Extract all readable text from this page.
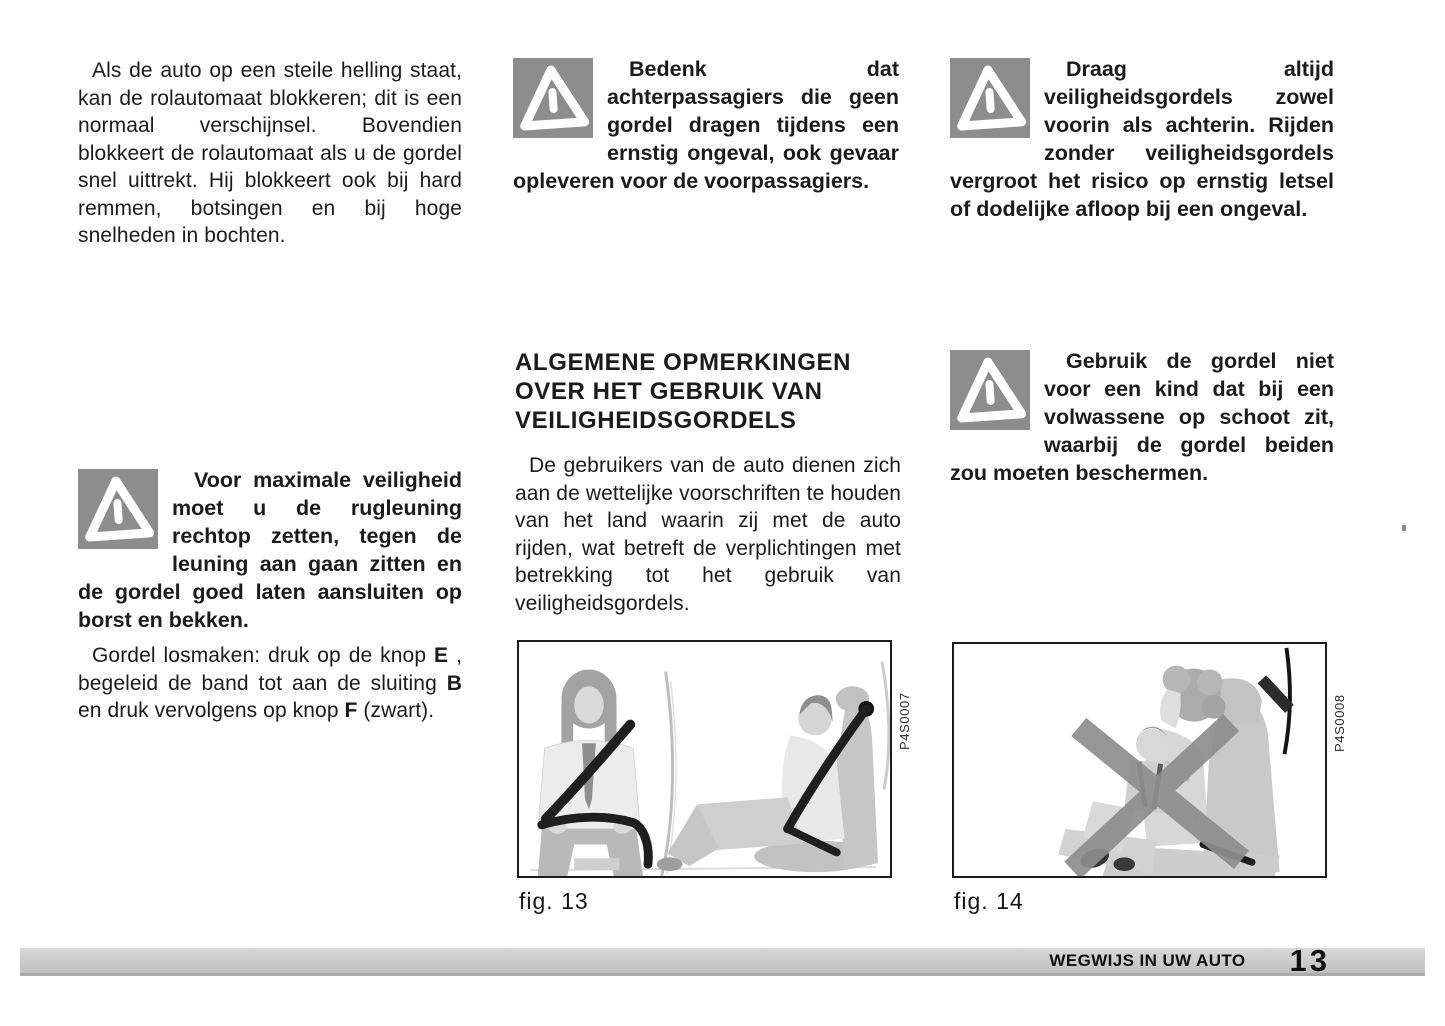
Als de auto op een steile helling staat, kan de rolautomaat blokkeren; dit is een normaal verschijnsel. Bovendien blokkeert de rolautomaat als u de gordel snel uittrekt. Hij blokkeert ook bij hard remmen, botsingen en bij hoge snelheden in bochten.

Voor maximale veiligheid moet u de rugleuning rechtop zetten, tegen de leuning aan gaan zitten en de gordel goed laten aansluiten op borst en bekken.

Gordel losmaken: druk op de knop E , begeleid de band tot aan de sluiting B en druk vervolgens op knop F (zwart).

Bedenk dat achterpassagiers die geen gordel dragen tijdens een ernstig ongeval, ook gevaar opleveren voor de voorpassagiers.

ALGEMENE OPMERKINGEN OVER HET GEBRUIK VAN VEILIGHEIDSGORDELS

De gebruikers van de auto dienen zich aan de wettelijke voorschriften te houden van het land waarin zij met de auto rijden, wat betreft de verplichtingen met betrekking tot het gebruik van veiligheidsgordels.

fig. 13
P4S0007

Draag altijd veiligheidsgordels zowel voorin als achterin. Rijden zonder veiligheidsgordels vergroot het risico op ernstig letsel of dodelijke afloop bij een ongeval.

Gebruik de gordel niet voor een kind dat bij een volwassene op schoot zit, waarbij de gordel beiden zou moeten beschermen.

fig. 14
P4S0008
WEGWIJS IN UW AUTO 13
